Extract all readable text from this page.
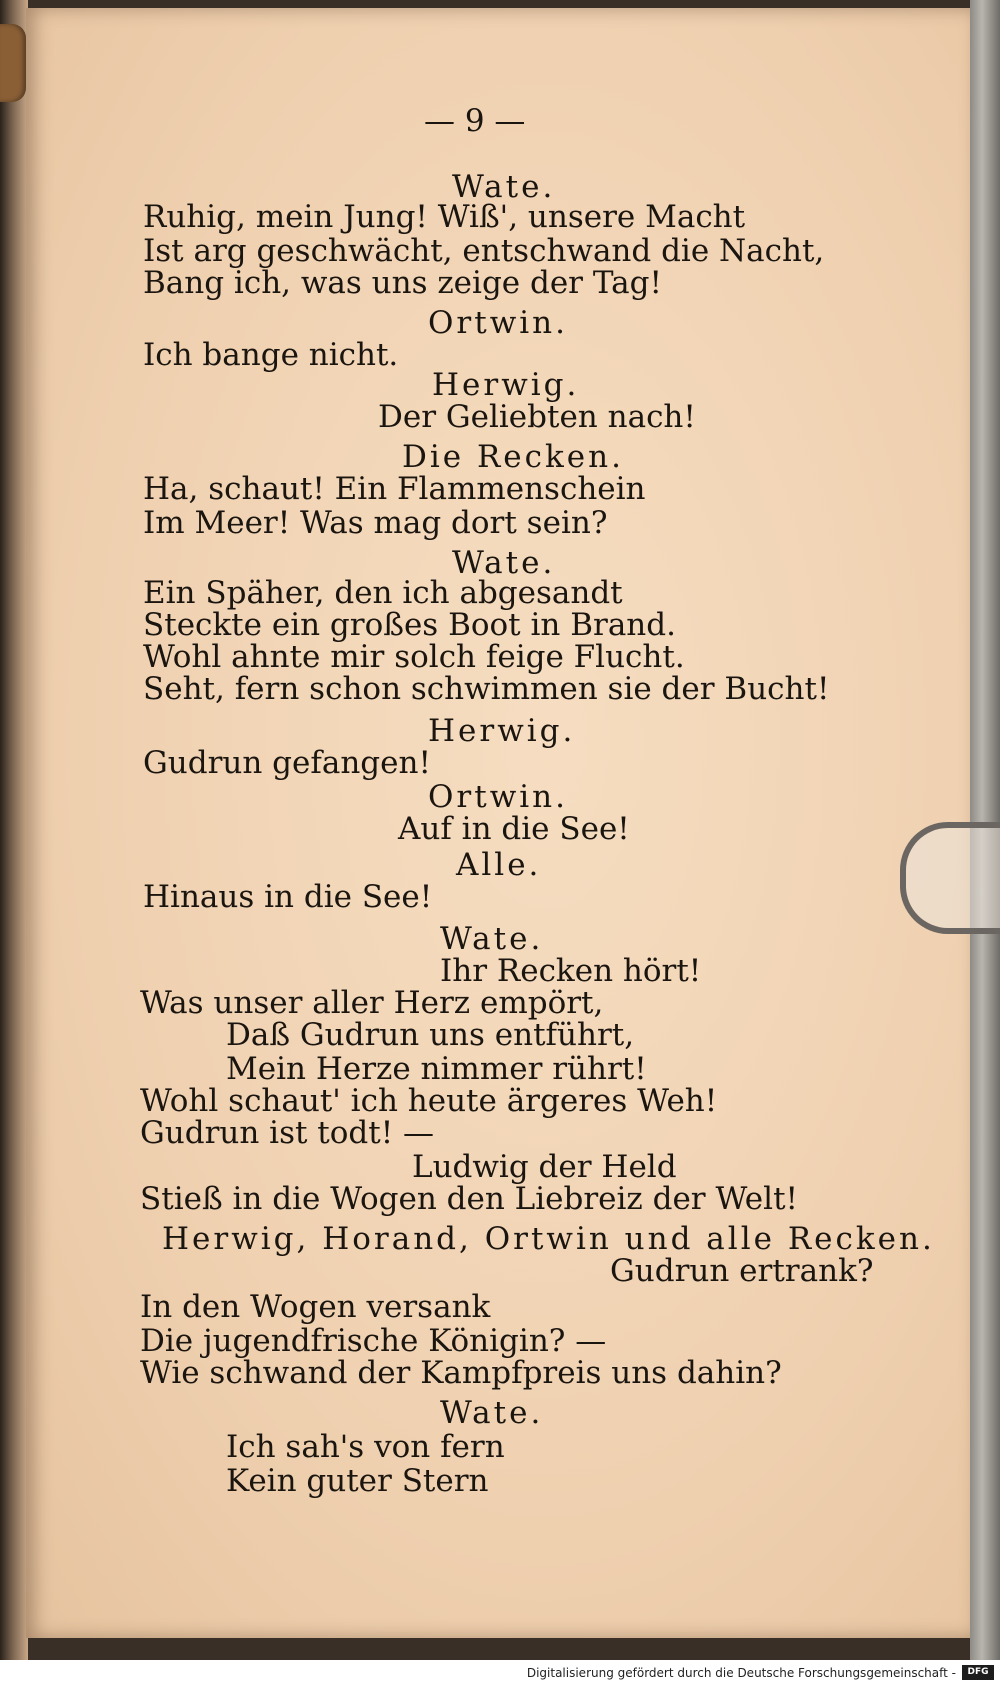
— 9 —
Wate.
Ruhig, mein Jung! Wiß', unsere Macht
Ist arg geschwächt, entschwand die Nacht,
Bang ich, was uns zeige der Tag!
Ortwin.
Ich bange nicht.
Herwig.
Der Geliebten nach!
Die Recken.
Ha, schaut! Ein Flammenschein
Im Meer! Was mag dort sein?
Wate.
Ein Späher, den ich abgesandt
Steckte ein großes Boot in Brand.
Wohl ahnte mir solch feige Flucht.
Seht, fern schon schwimmen sie der Bucht!
Herwig.
Gudrun gefangen!
Ortwin.
Auf in die See!
Alle.
Hinaus in die See!
Wate.
Ihr Recken hört!
Was unser aller Herz empört,
Daß Gudrun uns entführt,
Mein Herze nimmer rührt!
Wohl schaut' ich heute ärgeres Weh!
Gudrun ist todt! —
Ludwig der Held
Stieß in die Wogen den Liebreiz der Welt!
Herwig, Horand, Ortwin und alle Recken.
Gudrun ertrank?
In den Wogen versank
Die jugendfrische Königin? —
Wie schwand der Kampfpreis uns dahin?
Wate.
Ich sah's von fern
Kein guter Stern
Digitalisierung gefördert durch die Deutsche Forschungsgemeinschaft -	DFG
